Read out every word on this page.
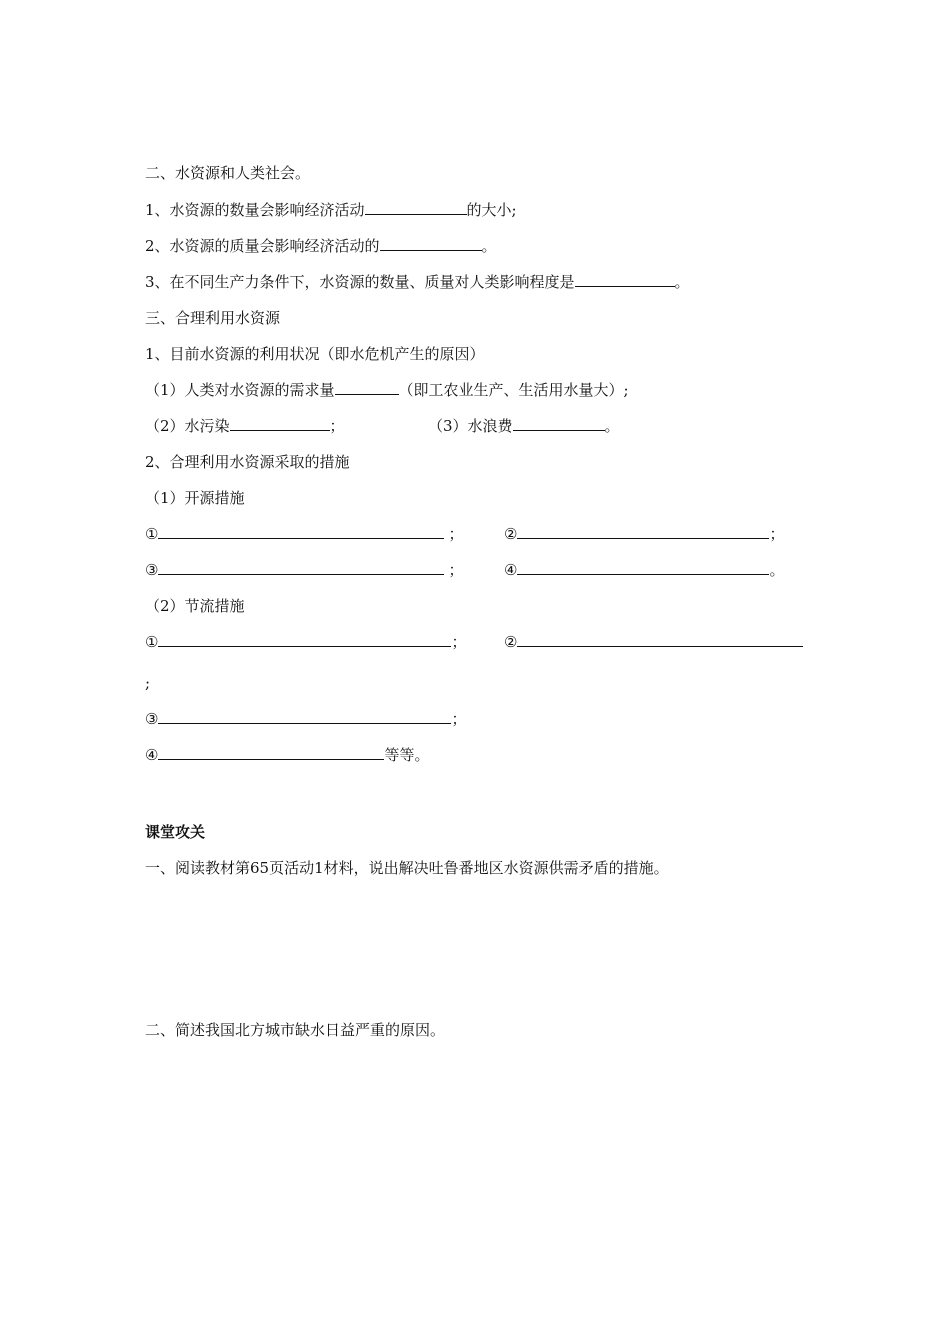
二、水资源和人类社会。
1、水资源的数量会影响经济活动	的大小;
2、水资源的质量会影响经济活动的	。
3、在不同生产力条件下，水资源的数量、质量对人类影响程度是	。
三、合理利用水资源
1、目前水资源的利用状况（即水危机产生的原因）
（1）人类对水资源的需求量	（即工农业生产、生活用水量大）;
（2）水污染	；	（3）水浪费	。
2、合理利用水资源采取的措施
（1）开源措施
①	；	②	；
③	；	④	。
（2）节流措施
①	；	②
;
③	；
④	等等。
课堂攻关
一、阅读教材第65页活动1材料，说出解决吐鲁番地区水资源供需矛盾的措施。
二、简述我国北方城市缺水日益严重的原因。
